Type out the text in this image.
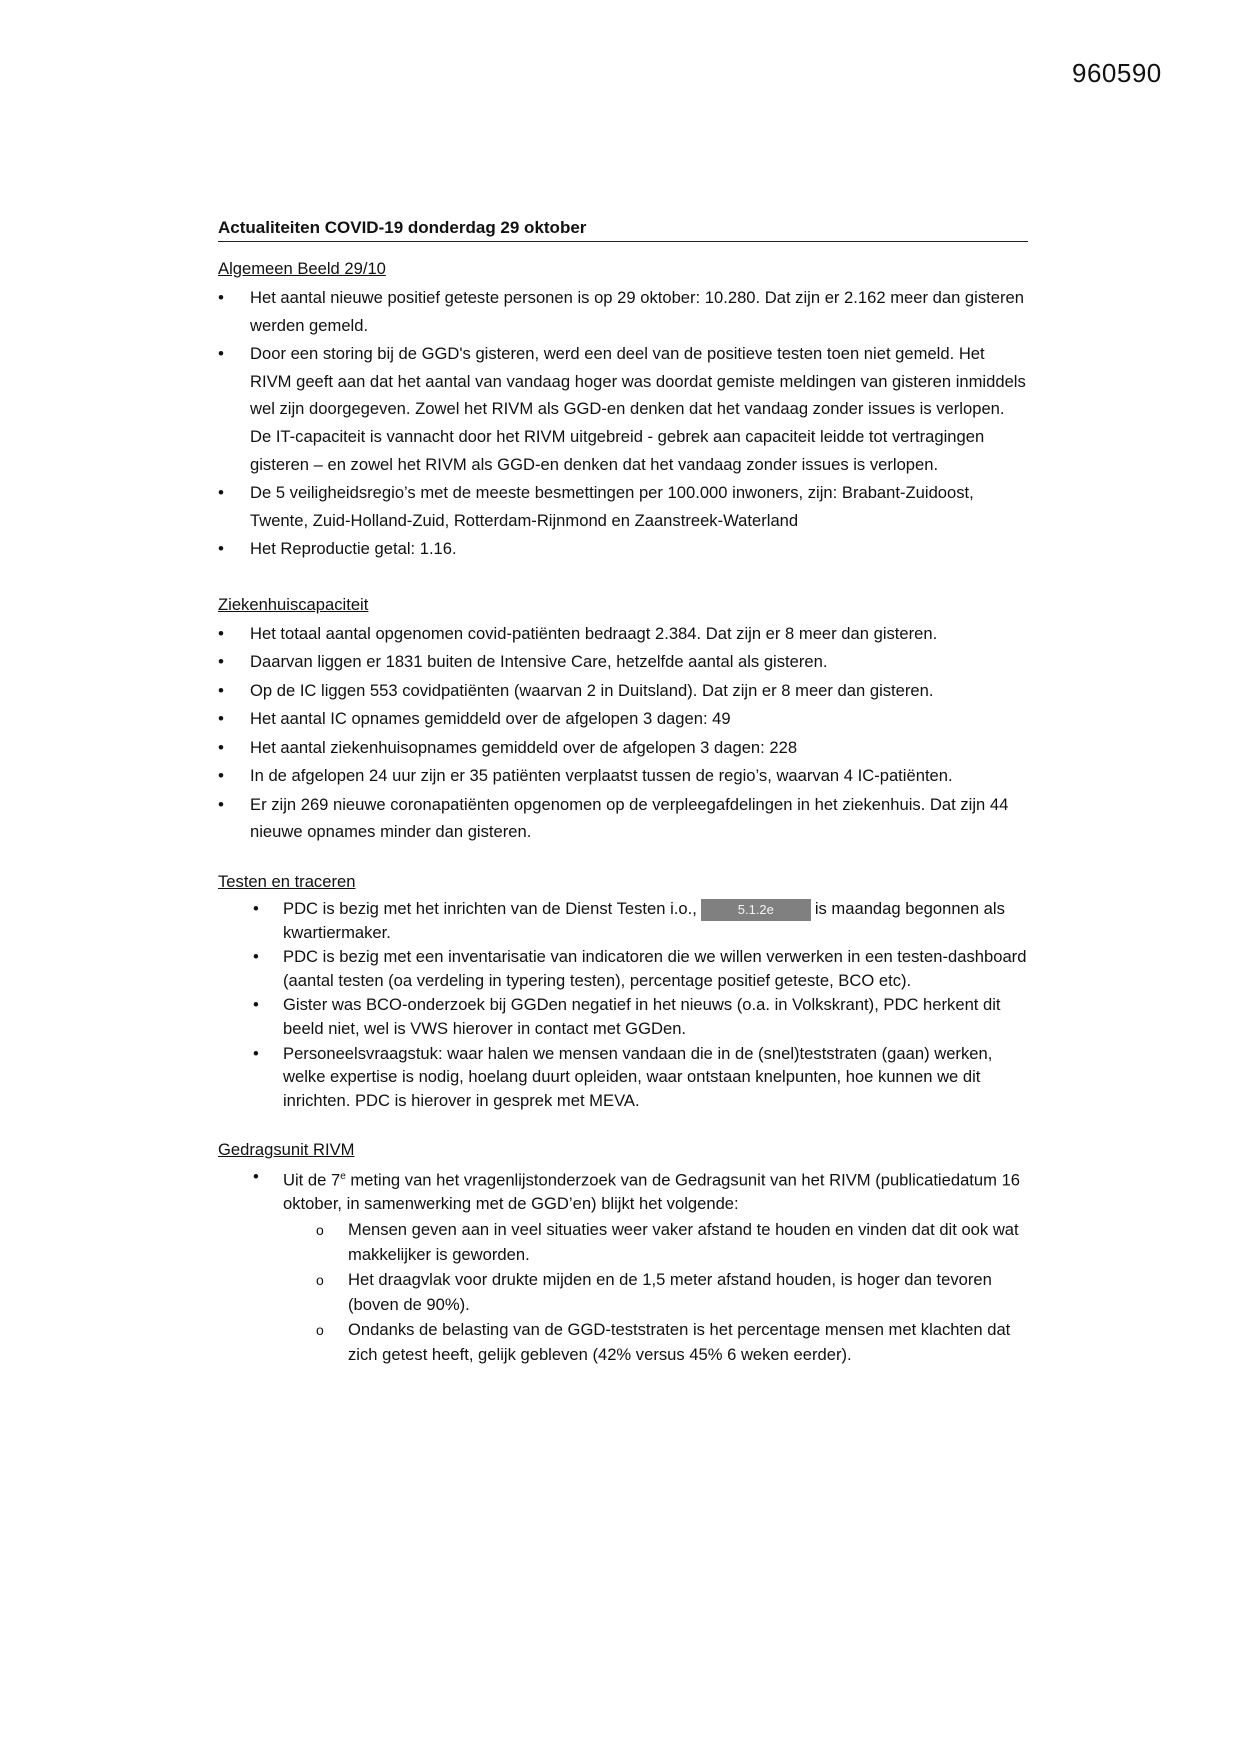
960590
Actualiteiten COVID-19 donderdag 29 oktober
Algemeen Beeld 29/10
• Het aantal nieuwe positief geteste personen is op 29 oktober: 10.280. Dat zijn er 2.162 meer dan gisteren werden gemeld.
• Door een storing bij de GGD's gisteren, werd een deel van de positieve testen toen niet gemeld. Het RIVM geeft aan dat het aantal van vandaag hoger was doordat gemiste meldingen van gisteren inmiddels wel zijn doorgegeven. Zowel het RIVM als GGD-en denken dat het vandaag zonder issues is verlopen. De IT-capaciteit is vannacht door het RIVM uitgebreid - gebrek aan capaciteit leidde tot vertragingen gisteren – en zowel het RIVM als GGD-en denken dat het vandaag zonder issues is verlopen.
• De 5 veiligheidsregio’s met de meeste besmettingen per 100.000 inwoners, zijn: Brabant-Zuidoost, Twente, Zuid-Holland-Zuid, Rotterdam-Rijnmond en Zaanstreek-Waterland
• Het Reproductie getal: 1.16.
Ziekenhuiscapaciteit
• Het totaal aantal opgenomen covid-patiënten bedraagt 2.384. Dat zijn er 8 meer dan gisteren.
• Daarvan liggen er 1831 buiten de Intensive Care, hetzelfde aantal als gisteren.
• Op de IC liggen 553 covidpatiënten (waarvan 2 in Duitsland). Dat zijn er 8 meer dan gisteren.
• Het aantal IC opnames gemiddeld over de afgelopen 3 dagen: 49
• Het aantal ziekenhuisopnames gemiddeld over de afgelopen 3 dagen: 228
• In de afgelopen 24 uur zijn er 35 patiënten verplaatst tussen de regio’s, waarvan 4 IC-patiënten.
• Er zijn 269 nieuwe coronapatiënten opgenomen op de verpleegafdelingen in het ziekenhuis. Dat zijn 44 nieuwe opnames minder dan gisteren.
Testen en traceren
• PDC is bezig met het inrichten van de Dienst Testen i.o.,	5.1.2e is maandag begonnen als kwartiermaker.
• PDC is bezig met een inventarisatie van indicatoren die we willen verwerken in een testen-dashboard (aantal testen (oa verdeling in typering testen), percentage positief geteste, BCO etc).
• Gister was BCO-onderzoek bij GGDen negatief in het nieuws (o.a. in Volkskrant), PDC herkent dit beeld niet, wel is VWS hierover in contact met GGDen.
• Personeelsvraagstuk: waar halen we mensen vandaan die in de (snel)teststraten (gaan) werken, welke expertise is nodig, hoelang duurt opleiden, waar ontstaan knelpunten, hoe kunnen we dit inrichten. PDC is hierover in gesprek met MEVA.
Gedragsunit RIVM
• Uit de 7e meting van het vragenlijstonderzoek van de Gedragsunit van het RIVM (publicatiedatum 16 oktober, in samenwerking met de GGD’en) blijkt het volgende:
o Mensen geven aan in veel situaties weer vaker afstand te houden en vinden dat dit ook wat makkelijker is geworden.
o Het draagvlak voor drukte mijden en de 1,5 meter afstand houden, is hoger dan tevoren (boven de 90%).
o Ondanks de belasting van de GGD-teststraten is het percentage mensen met klachten dat zich getest heeft, gelijk gebleven (42% versus 45% 6 weken eerder).
